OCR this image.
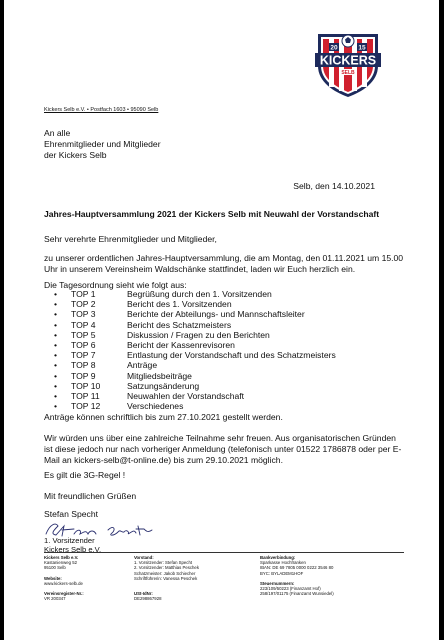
20	15
KICKERS
SELB
Kickers Selb e.V. • Postfach 1603 • 95090 Selb
An alle
Ehrenmitglieder und Mitglieder
der Kickers Selb
Selb, den 14.10.2021
Jahres-Hauptversammlung 2021 der Kickers Selb mit Neuwahl der Vorstandschaft
Sehr verehrte Ehrenmitglieder und Mitglieder,
zu unserer ordentlichen Jahres-Hauptversammlung, die am Montag, den 01.11.2021 um 15.00
Uhr in unserem Vereinsheim Waldschänke stattfindet, laden wir Euch herzlich ein.
Die Tagesordnung sieht wie folgt aus:
• TOP 1	Begrüßung durch den 1. Vorsitzenden
• TOP 2	Bericht des 1. Vorsitzenden
• TOP 3	Berichte der Abteilungs- und Mannschaftsleiter
• TOP 4	Bericht des Schatzmeisters
• TOP 5	Diskussion / Fragen zu den Berichten
• TOP 6	Bericht der Kassenrevisoren
• TOP 7	Entlastung der Vorstandschaft und des Schatzmeisters
• TOP 8	Anträge
• TOP 9	Mitgliedsbeiträge
• TOP 10	Satzungsänderung
• TOP 11	Neuwahlen der Vorstandschaft
• TOP 12	Verschiedenes
Anträge können schriftlich bis zum 27.10.2021 gestellt werden.
Wir würden uns über eine zahlreiche Teilnahme sehr freuen. Aus organisatorischen Gründen
ist diese jedoch nur nach vorheriger Anmeldung (telefonisch unter 01522 1786878 oder per E-
Mail an kickers-selb@t-online.de) bis zum 29.10.2021 möglich.
Es gilt die 3G-Regel !
Mit freundlichen Grüßen
Stefan Specht
1. Vorsitzender
Kickers Selb e.V.
Kickers Selb e.V.
Kastanienweg 52
95100 Selb
Website:
www.kickers-selb.de
Vereinsregister-Nr.:
VR 200347
Vorstand:
1. Vorsitzender: Stefan Specht
2. Vorsitzender: Matthias Peschek
Schatzmeister: Jakob Schiecher
Schriftführerin: Vanessa Peschek
USt-IdNr:
DE298867928
Bankverbindung:
Sparkasse Hochfranken
IBAN: DE 69 7805 0000 0222 3546 80
BYC: BYLADEM1HOF
Steuernummern:
223/109/50223 (Finanzamt Hof)
258/197/01175 (Finanzamt Wunsiedel)
